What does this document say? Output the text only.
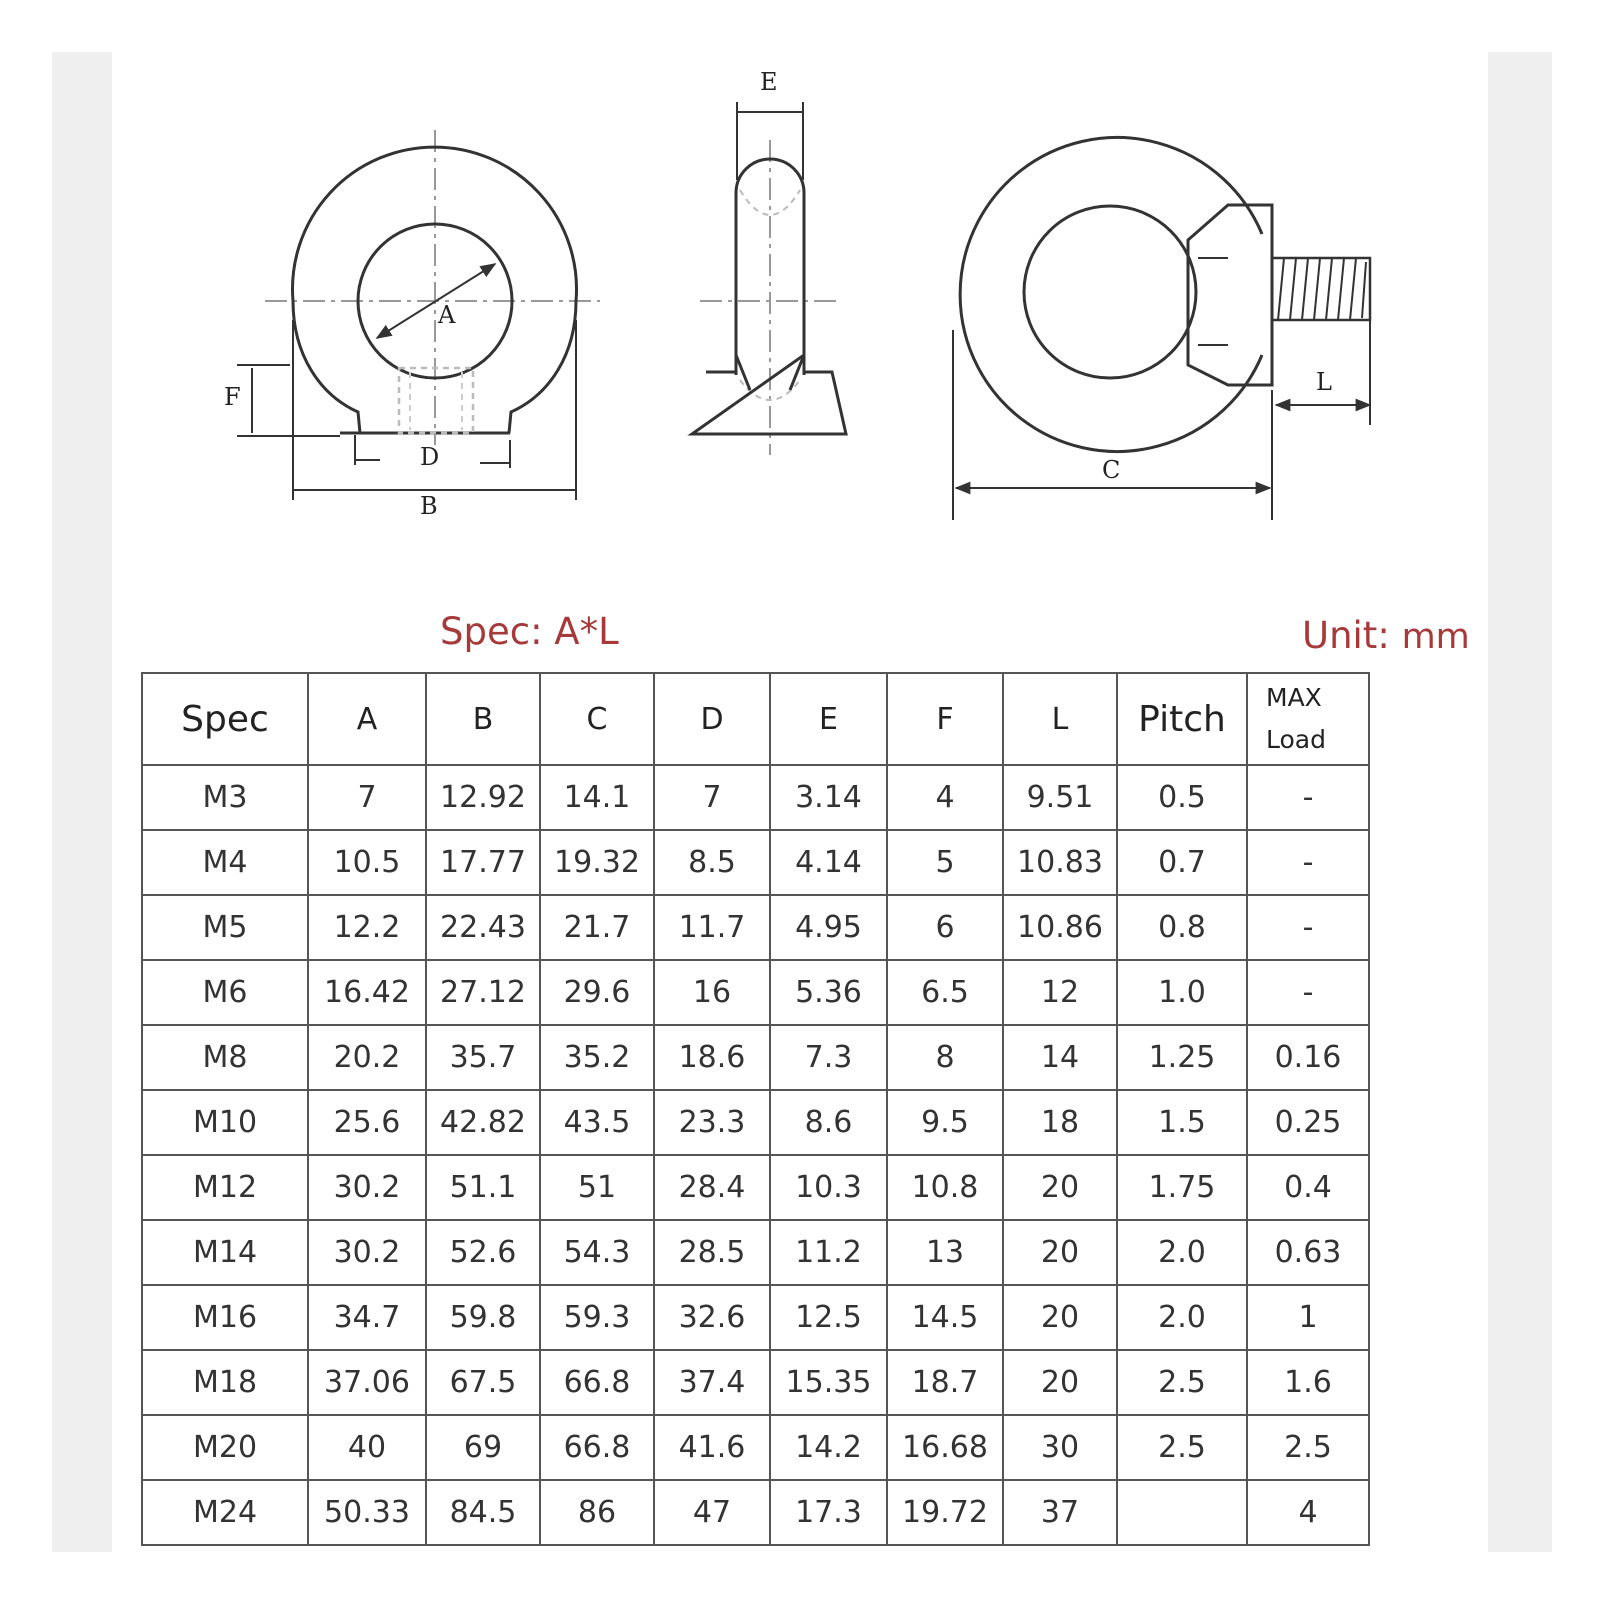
A
F
D
B
E
L
C
Spec: A*L	Unit: mm
Spec	A	B	C	D	E	F	L	Pitch	MAX
Load
M3	7	12.92	14.1	7	3.14	4	9.51	0.5	-
M4	10.5	17.77	19.32	8.5	4.14	5	10.83	0.7	-
M5	12.2	22.43	21.7	11.7	4.95	6	10.86	0.8	-
M6	16.42	27.12	29.6	16	5.36	6.5	12	1.0	-
M8	20.2	35.7	35.2	18.6	7.3	8	14	1.25	0.16
M10	25.6	42.82	43.5	23.3	8.6	9.5	18	1.5	0.25
M12	30.2	51.1	51	28.4	10.3	10.8	20	1.75	0.4
M14	30.2	52.6	54.3	28.5	11.2	13	20	2.0	0.63
M16	34.7	59.8	59.3	32.6	12.5	14.5	20	2.0	1
M18	37.06	67.5	66.8	37.4	15.35	18.7	20	2.5	1.6
M20	40	69	66.8	41.6	14.2	16.68	30	2.5	2.5
M24	50.33	84.5	86	47	17.3	19.72	37		4
